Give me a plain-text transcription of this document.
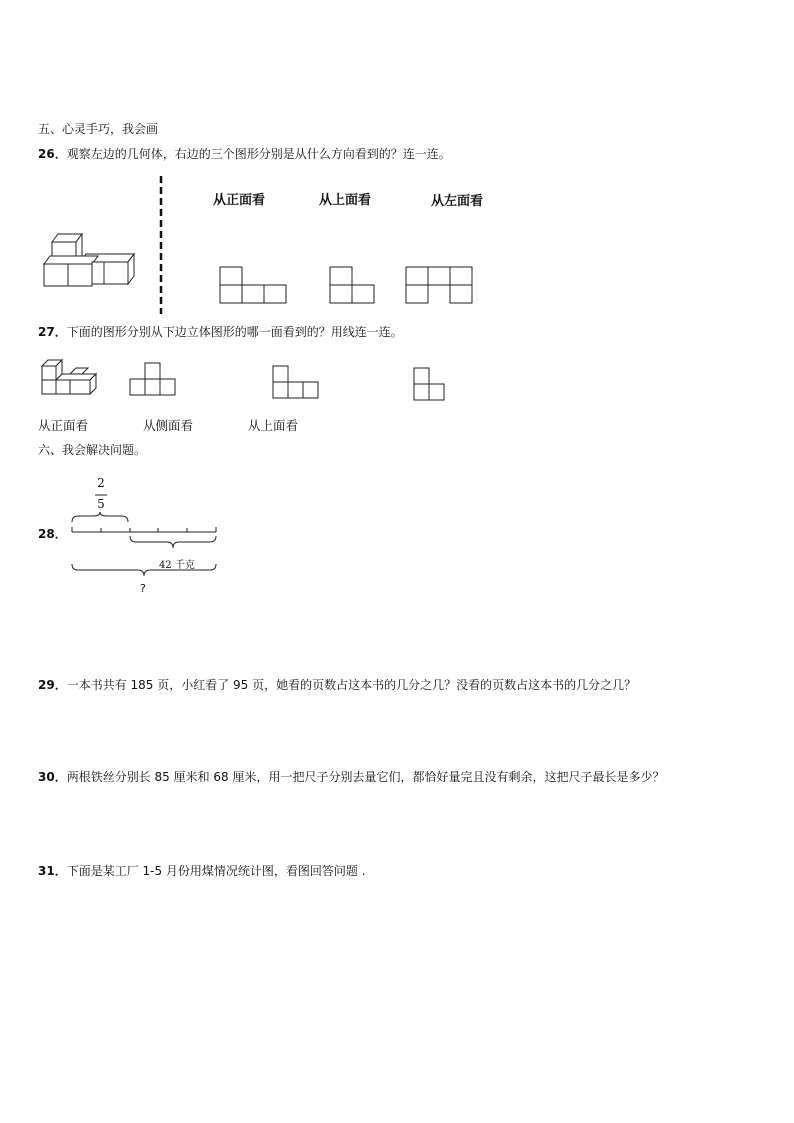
五、心灵手巧，我会画
26．观察左边的几何体，右边的三个图形分别是从什么方向看到的？连一连。
从正面看	从上面看	从左面看
27．下面的图形分别从下边立体图形的哪一面看到的？用线连一连。
从正面看	从侧面看	从上面看
六、我会解决问题。
28．
2
5
42 千克
?
29．一本书共有 185 页，小红看了 95 页，她看的页数占这本书的几分之几？没看的页数占这本书的几分之几？
30．两根铁丝分别长 85 厘米和 68 厘米，用一把尺子分别去量它们，都恰好量完且没有剩余，这把尺子最长是多少？
31．下面是某工厂 1-5 月份用煤情况统计图，看图回答问题 .
